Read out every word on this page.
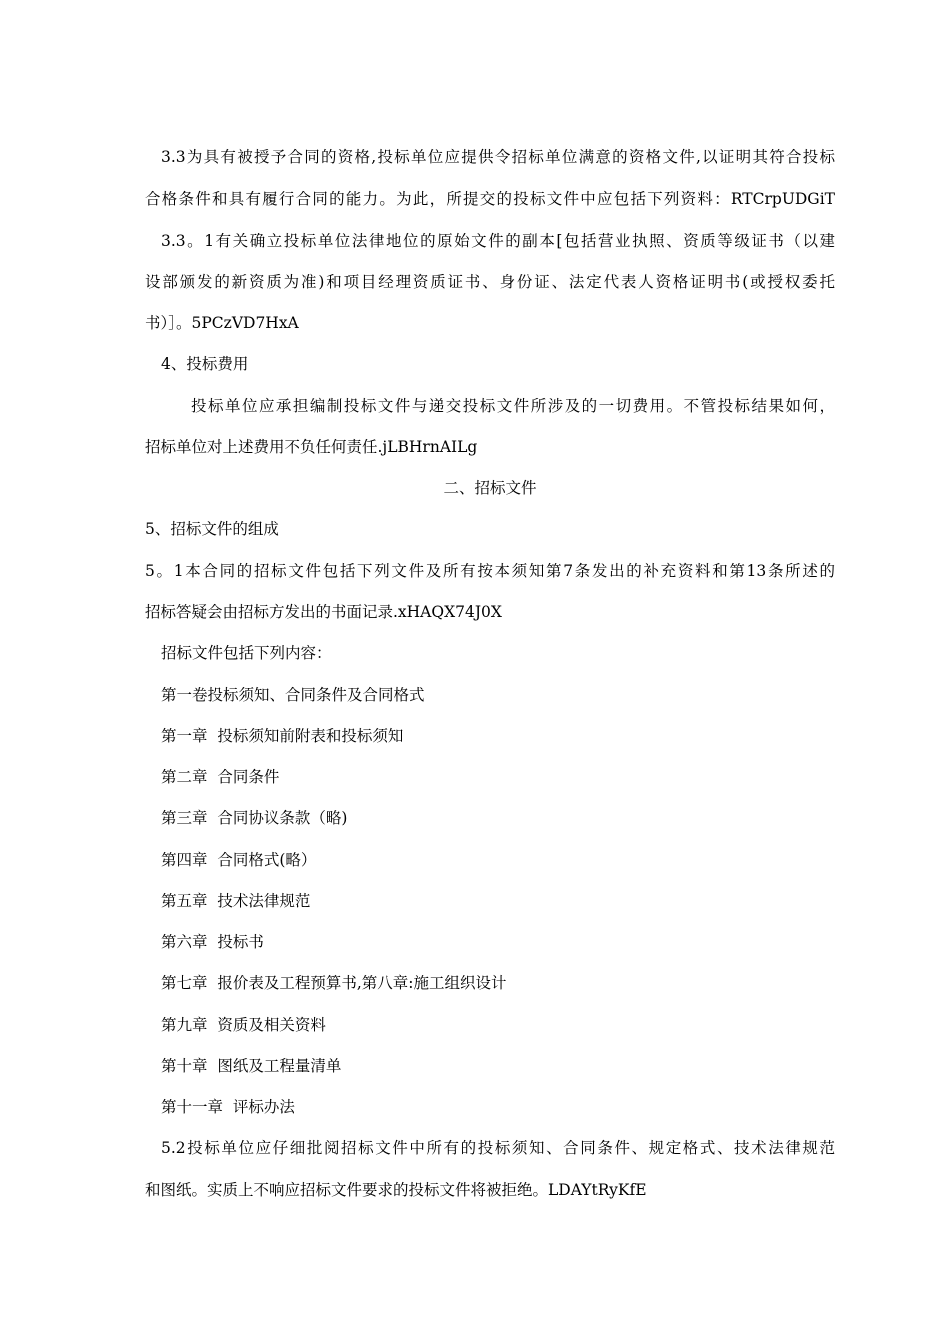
3.3为具有被授予合同的资格,投标单位应提供令招标单位满意的资格文件,以证明其符合投标
合格条件和具有履行合同的能力。为此，所提交的投标文件中应包括下列资料：RTCrpUDGiT
3.3。1有关确立投标单位法律地位的原始文件的副本[包括营业执照、资质等级证书（以建
设部颁发的新资质为准)和项目经理资质证书、身份证、法定代表人资格证明书(或授权委托
书）］。5PCzVD7HxA
4、投标费用
投标单位应承担编制投标文件与递交投标文件所涉及的一切费用。不管投标结果如何，
招标单位对上述费用不负任何责任.jLBHrnAILg
二、招标文件
5、招标文件的组成
5。1本合同的招标文件包括下列文件及所有按本须知第7条发出的补充资料和第13条所述的
招标答疑会由招标方发出的书面记录.xHAQX74J0X
招标文件包括下列内容：
第一卷投标须知、合同条件及合同格式
第一章  投标须知前附表和投标须知
第二章  合同条件
第三章  合同协议条款（略)
第四章  合同格式(略）
第五章  技术法律规范
第六章  投标书
第七章  报价表及工程预算书,第八章:施工组织设计
第九章  资质及相关资料
第十章  图纸及工程量清单
第十一章  评标办法
5.2投标单位应仔细批阅招标文件中所有的投标须知、合同条件、规定格式、技术法律规范
和图纸。实质上不响应招标文件要求的投标文件将被拒绝。LDAYtRyKfE
